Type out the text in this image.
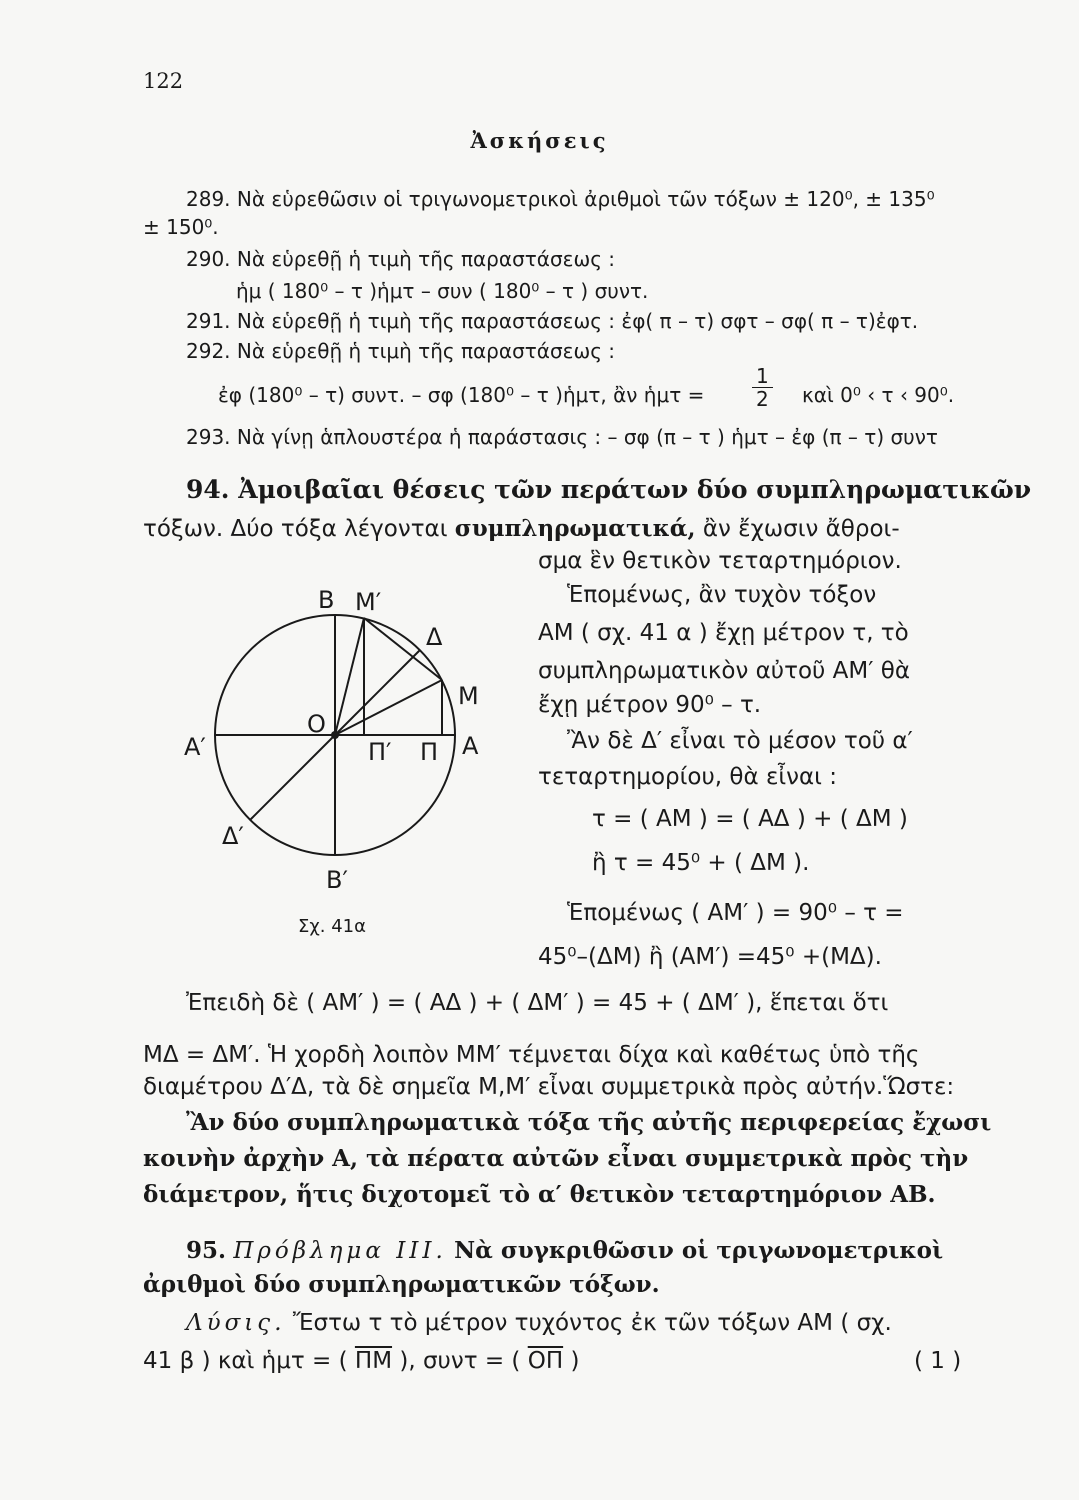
122
Ἀσκήσεις
289. Νὰ εὑρεθῶσιν οἱ τριγωνομετρικοὶ ἀριθμοὶ τῶν τόξων ± 120⁰, ± 135⁰
± 150⁰.
290. Νὰ εὑρεθῇ ἡ τιμὴ τῆς παραστάσεως :
ἡμ ( 180⁰ – τ )ἡμτ – συν ( 180⁰ – τ ) συντ.
291. Νὰ εὑρεθῇ ἡ τιμὴ τῆς παραστάσεως : ἐφ( π – τ) σφτ – σφ( π – τ)ἐφτ.
292. Νὰ εὑρεθῇ ἡ τιμὴ τῆς παραστάσεως :
ἐφ (180⁰ – τ) συντ. – σφ (180⁰ – τ )ἡμτ, ἂν ἡμτ = $\frac{1}{2}$ καὶ 0⁰ ‹ τ ‹ 90⁰.
293. Νὰ γίνῃ ἁπλουστέρα ἡ παράστασις : – σφ (π – τ ) ἡμτ – ἐφ (π – τ) συντ
94. Ἀμοιβαῖαι θέσεις τῶν περάτων δύο συμπληρωματικῶν
τόξων. Δύο τόξα λέγονται συμπληρωματικά, ἂν ἔχωσιν ἄθροι-
σμα ἓν θετικὸν τεταρτημόριον.
Ἑπομένως, ἂν τυχὸν τόξον
ΑΜ ( σχ. 41 α ) ἔχῃ μέτρον τ, τὸ
συμπληρωματικὸν αὐτοῦ ΑΜ′ θὰ
ἔχῃ μέτρον 90⁰ – τ.
Ἂν δὲ Δ′ εἶναι τὸ μέσον τοῦ α′
τεταρτημορίου, θὰ εἶναι :
τ = ( ΑΜ ) = ( ΑΔ ) + ( ΔΜ )
ἢ τ = 45⁰ + ( ΔΜ ).
Ἑπομένως ( ΑΜ′ ) = 90⁰ – τ =
45⁰–(ΔΜ) ἢ (ΑΜ′) =45⁰ +(ΜΔ).
Ἐπειδὴ δὲ ( ΑΜ′ ) = ( ΑΔ ) + ( ΔΜ′ ) = 45 + ( ΔΜ′ ), ἕπεται ὅτι
ΜΔ = ΔΜ′. Ἡ χορδὴ λοιπὸν ΜΜ′ τέμνεται δίχα καὶ καθέτως ὑπὸ τῆς
διαμέτρου Δ′Δ, τὰ δὲ σημεῖα Μ,Μ′ εἶναι συμμετρικὰ πρὸς αὐτήν.Ὥστε:
Ἂν δύο συμπληρωματικὰ τόξα τῆς αὐτῆς περιφερείας ἔχωσι
κοινὴν ἀρχὴν Α, τὰ πέρατα αὐτῶν εἶναι συμμετρικὰ πρὸς τὴν
διάμετρον, ἥτις διχοτομεῖ τὸ α′ θετικὸν τεταρτημόριον ΑΒ.
Β Μ′
Δ
Μ
Ο
Α′	Π′ Π Α
Δ′
Β′
Σχ. 41α
95. Πρόβλημα ΙΙΙ. Νὰ συγκριθῶσιν οἱ τριγωνομετρικοὶ
ἀριθμοὶ δύο συμπληρωματικῶν τόξων.
Λύσις. Ἔστω τ τὸ μέτρον τυχόντος ἐκ τῶν τόξων ΑΜ ( σχ.
41 β ) καὶ ἡμτ = ( $\overline{\Pi M}$ ), συντ = ( $\overline{O\Pi}$ )	( 1 )
